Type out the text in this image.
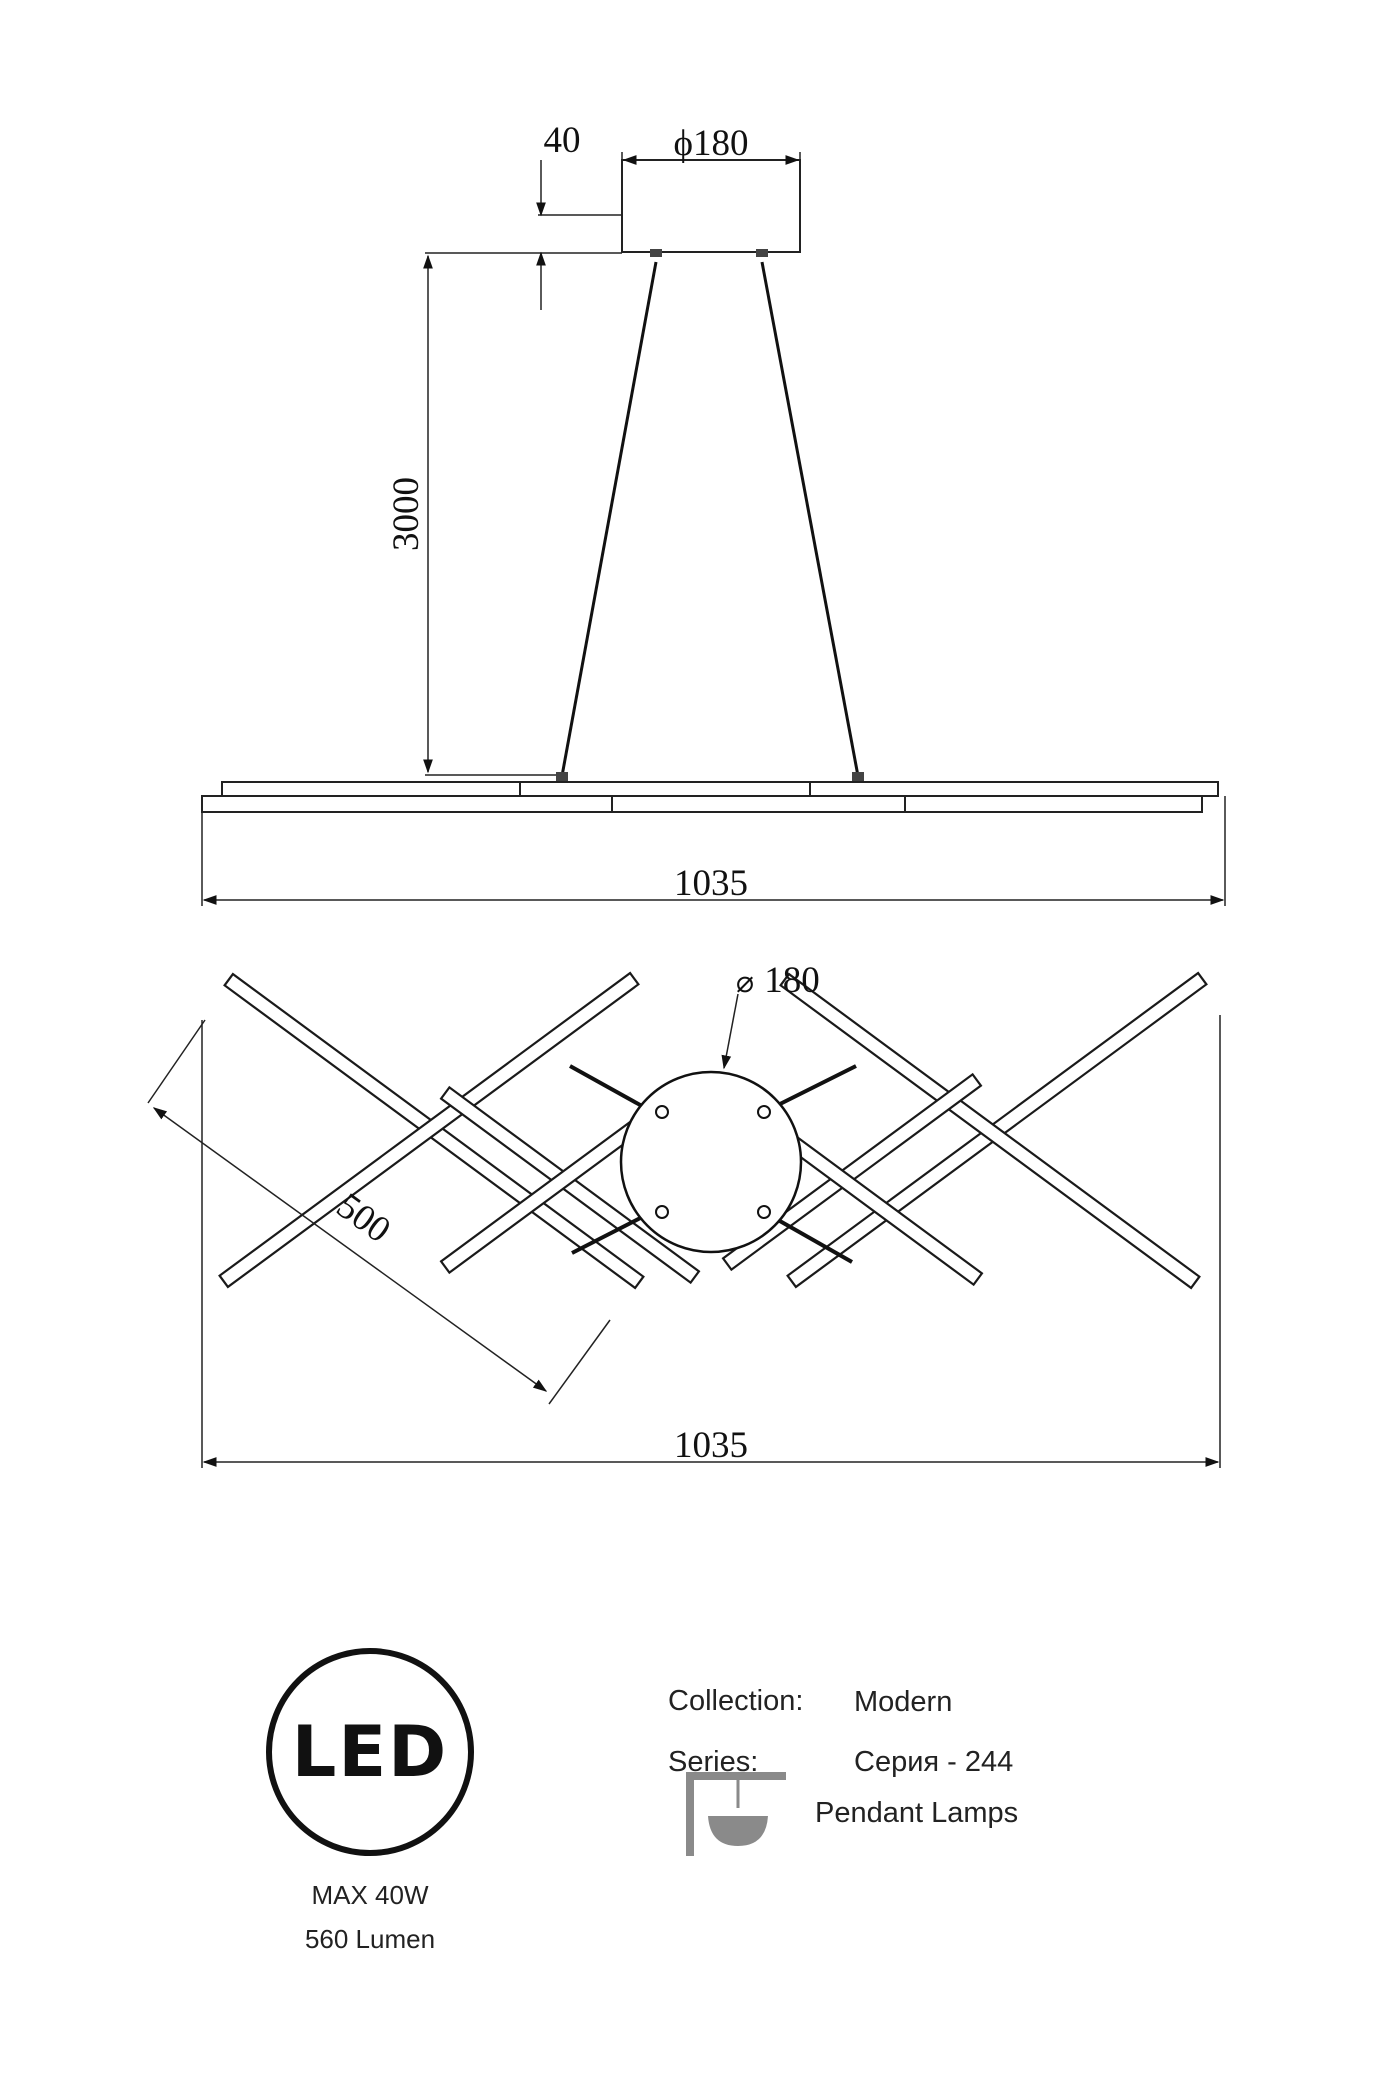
ϕ180
40
3000
1035
180
⌀
500
1035
LED
MAX 40W
560 Lumen
Collection: Modern
Series:	Серия - 244
Pendant Lamps
